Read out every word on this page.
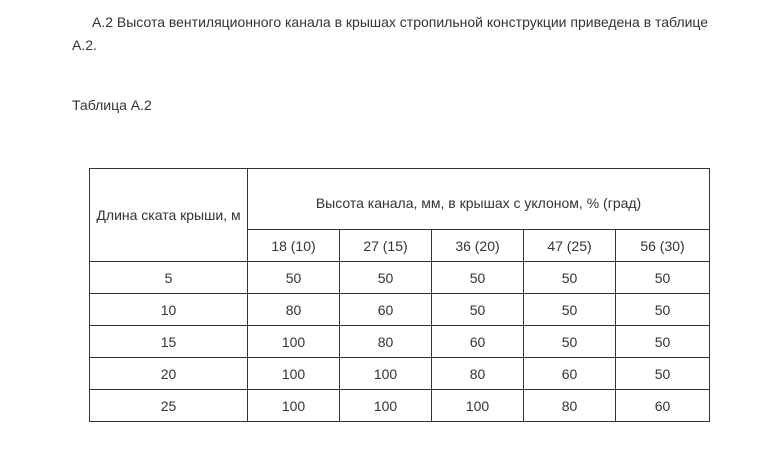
А.2 Высота вентиляционного канала в крышах стропильной конструкции приведена в таблице А.2.

Таблица А.2

Длина ската крыши, м	Высота канала, мм, в крышах с уклоном, % (град)				
	18 (10)	27 (15)	36 (20)	47 (25)	56 (30)
5	50	50	50	50	50
10	80	60	50	50	50
15	100	80	60	50	50
20	100	100	80	60	50
25	100	100	100	80	60
